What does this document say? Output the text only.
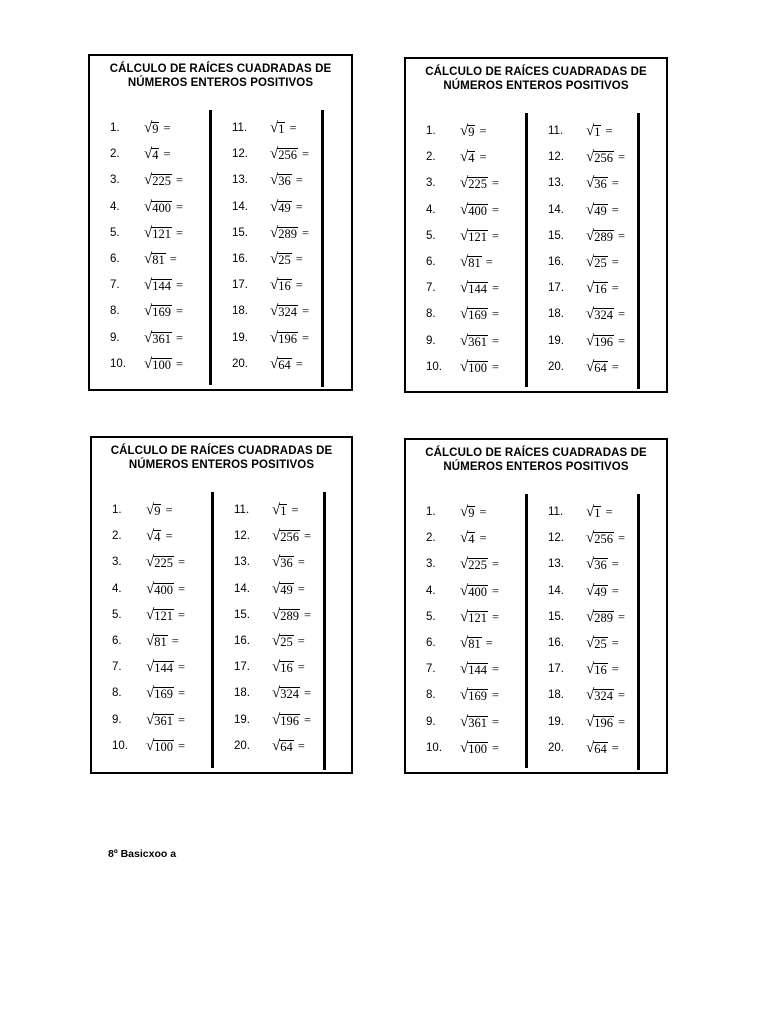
CÁLCULO DE RAÍCES CUADRADAS DE
NÚMEROS ENTEROS POSITIVOS
1. √ 9 =
2. √ 4 =
3. √ 225 =
4. √ 400 =
5. √ 121 =
6. √ 81 =
7. √ 144 =
8. √ 169 =
9. √ 361 =
10. √ 100 =
11. √ 1 =
12. √ 256 =
13. √ 36 =
14. √ 49 =
15. √ 289 =
16. √ 25 =
17. √ 16 =
18. √ 324 =
19. √ 196 =
20. √ 64 =
CÁLCULO DE RAÍCES CUADRADAS DE
NÚMEROS ENTEROS POSITIVOS
1. √ 9 =
2. √ 4 =
3. √ 225 =
4. √ 400 =
5. √ 121 =
6. √ 81 =
7. √ 144 =
8. √ 169 =
9. √ 361 =
10. √ 100 =
11. √ 1 =
12. √ 256 =
13. √ 36 =
14. √ 49 =
15. √ 289 =
16. √ 25 =
17. √ 16 =
18. √ 324 =
19. √ 196 =
20. √ 64 =
CÁLCULO DE RAÍCES CUADRADAS DE
NÚMEROS ENTEROS POSITIVOS
1. √ 9 =
2. √ 4 =
3. √ 225 =
4. √ 400 =
5. √ 121 =
6. √ 81 =
7. √ 144 =
8. √ 169 =
9. √ 361 =
10. √ 100 =
11. √ 1 =
12. √ 256 =
13. √ 36 =
14. √ 49 =
15. √ 289 =
16. √ 25 =
17. √ 16 =
18. √ 324 =
19. √ 196 =
20. √ 64 =
CÁLCULO DE RAÍCES CUADRADAS DE
NÚMEROS ENTEROS POSITIVOS
1. √ 9 =
2. √ 4 =
3. √ 225 =
4. √ 400 =
5. √ 121 =
6. √ 81 =
7. √ 144 =
8. √ 169 =
9. √ 361 =
10. √ 100 =
11. √ 1 =
12. √ 256 =
13. √ 36 =
14. √ 49 =
15. √ 289 =
16. √ 25 =
17. √ 16 =
18. √ 324 =
19. √ 196 =
20. √ 64 =
8º Basicxoo a
